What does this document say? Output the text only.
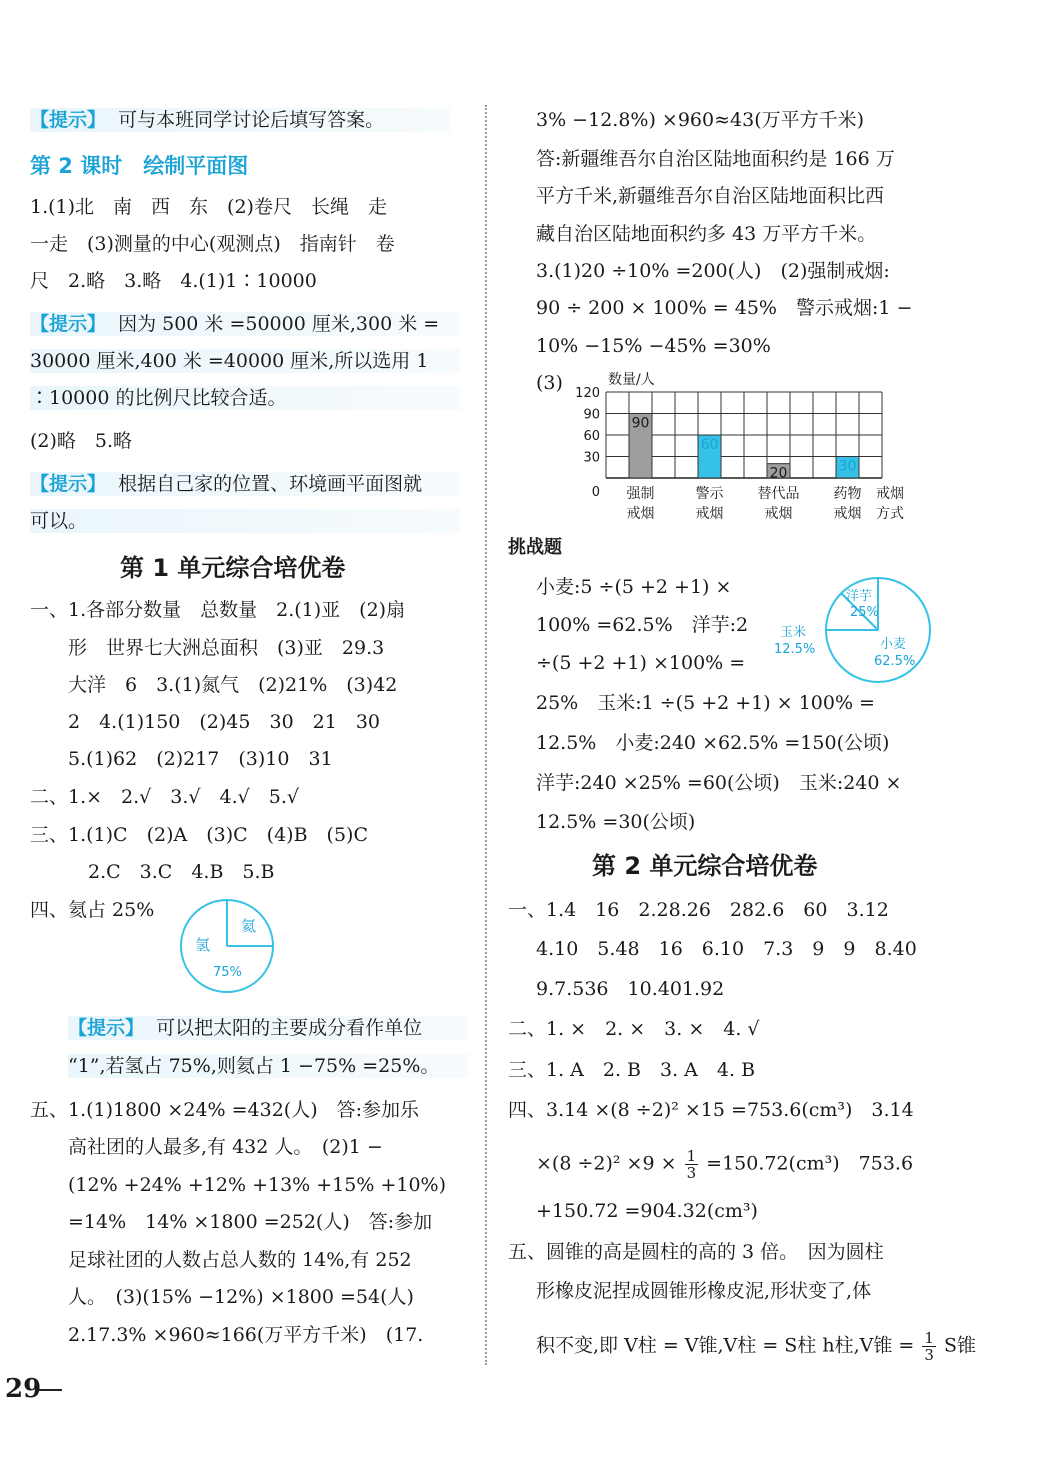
【提示】 可与本班同学讨论后填写答案。
第 2 课时　绘制平面图
1.(1)北　南　西　东　(2)卷尺　长绳　走
一走　(3)测量的中心(观测点)　指南针　卷
尺　2.略　3.略　4.(1)1∶10000
【提示】 因为 500 米 =50000 厘米,300 米 =
30000 厘米,400 米 =40000 厘米,所以选用 1
∶10000 的比例尺比较合适。
(2)略　5.略
【提示】 根据自己家的位置、环境画平面图就
可以。
第 1 单元综合培优卷
一、1.各部分数量　总数量　2.(1)亚　(2)扇
形　世界七大洲总面积　(3)亚　29.3
大洋　6　3.(1)氮气　(2)21%　(3)42
2　4.(1)150　(2)45　30　21　30
5.(1)62　(2)217　(3)10　31
二、1.×　2.√　3.√　4.√　5.√
三、1.(1)C　(2)A　(3)C　(4)B　(5)C
2.C　3.C　4.B　5.B
四、氦占 25%
氦
氢
75%
【提示】 可以把太阳的主要成分看作单位
“1”,若氢占 75%,则氦占 1 −75% =25%。
五、1.(1)1800 ×24% =432(人)　答:参加乐
高社团的人最多,有 432 人。　(2)1 −
(12% +24% +12% +13% +15% +10%)
=14%　14% ×1800 =252(人)　答:参加
足球社团的人数占总人数的 14%,有 252
人。　(3)(15% −12%) ×1800 =54(人)
2.17.3% ×960≈166(万平方千米)　(17.
3% −12.8%) ×960≈43(万平方千米)
答:新疆维吾尔自治区陆地面积约是 166 万
平方千米,新疆维吾尔自治区陆地面积比西
藏自治区陆地面积约多 43 万平方千米。
3.(1)20 ÷10% =200(人)　(2)强制戒烟:
90 ÷ 200 × 100% = 45%　警示戒烟:1 −
10% −15% −45% =30%
(3)
0
30
60
90
120
数量/人
90
强制
戒烟
60
警示
戒烟
20
替代品
戒烟
30
药物
戒烟
戒烟
方式
挑战题
小麦:5 ÷(5 +2 +1) ×
100% =62.5%　洋芋:2
÷(5 +2 +1) ×100% =
25%　玉米:1 ÷(5 +2 +1) × 100% =
12.5%　小麦:240 ×62.5% =150(公顷)
洋芋:240 ×25% =60(公顷)　玉米:240 ×
12.5% =30(公顷)
洋芋
25%
玉米
12.5%	小麦
62.5%
第 2 单元综合培优卷
一、1.4　16　2.28.26　282.6　60　3.12
4.10　5.48　16　6.10　7.3　9　9　8.40
9.7.536　10.401.92
二、1. ×　2. ×　3. ×　4. √
三、1. A　2. B　3. A　4. B
四、3.14 ×(8 ÷2)² ×15 =753.6(cm³)　3.14
$\times(8 \div 2)^2 \times 9 \times \frac{1}{3} =150.72(cm^3)$　753.6
+150.72 =904.32(cm³)
五、圆锥的高是圆柱的高的 3 倍。　因为圆柱
形橡皮泥捏成圆锥形橡皮泥,形状变了,体
积不变,即 V柱 = V锥,V柱 = S柱 h柱,V锥 = $\frac{1}{3}$ S锥
29
